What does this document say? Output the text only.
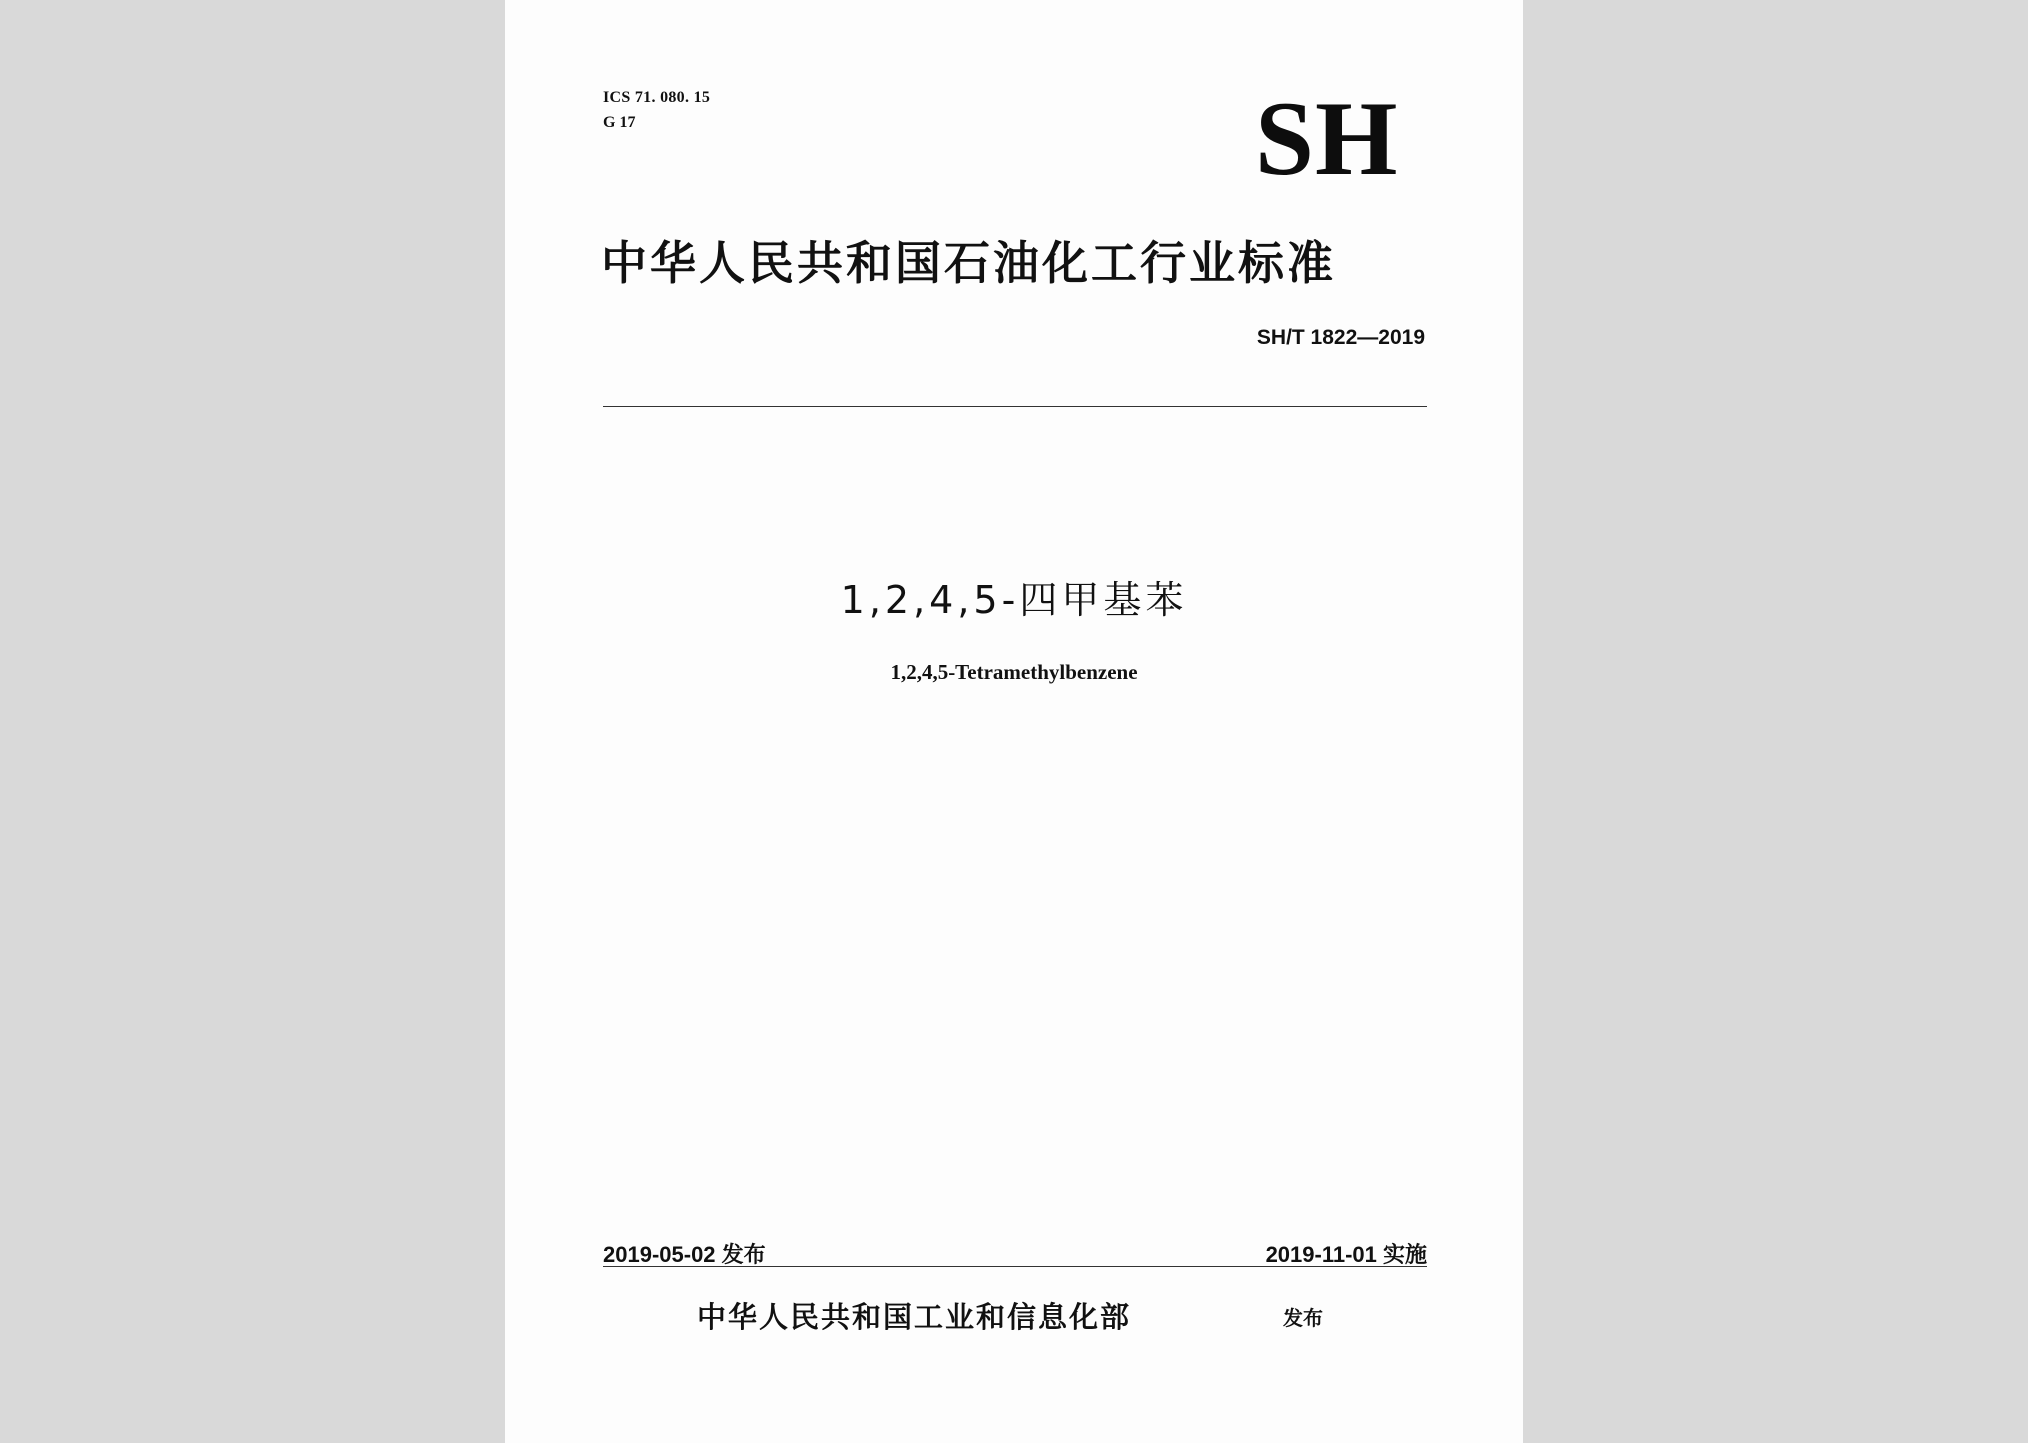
ICS 71. 080. 15
G 17	SH
中华人民共和国石油化工行业标准
SH/T 1822—2019
1,2,4,5-四甲基苯
1,2,4,5-Tetramethylbenzene
2019-05-02 发布	2019-11-01 实施
中华人民共和国工业和信息化部	发布
